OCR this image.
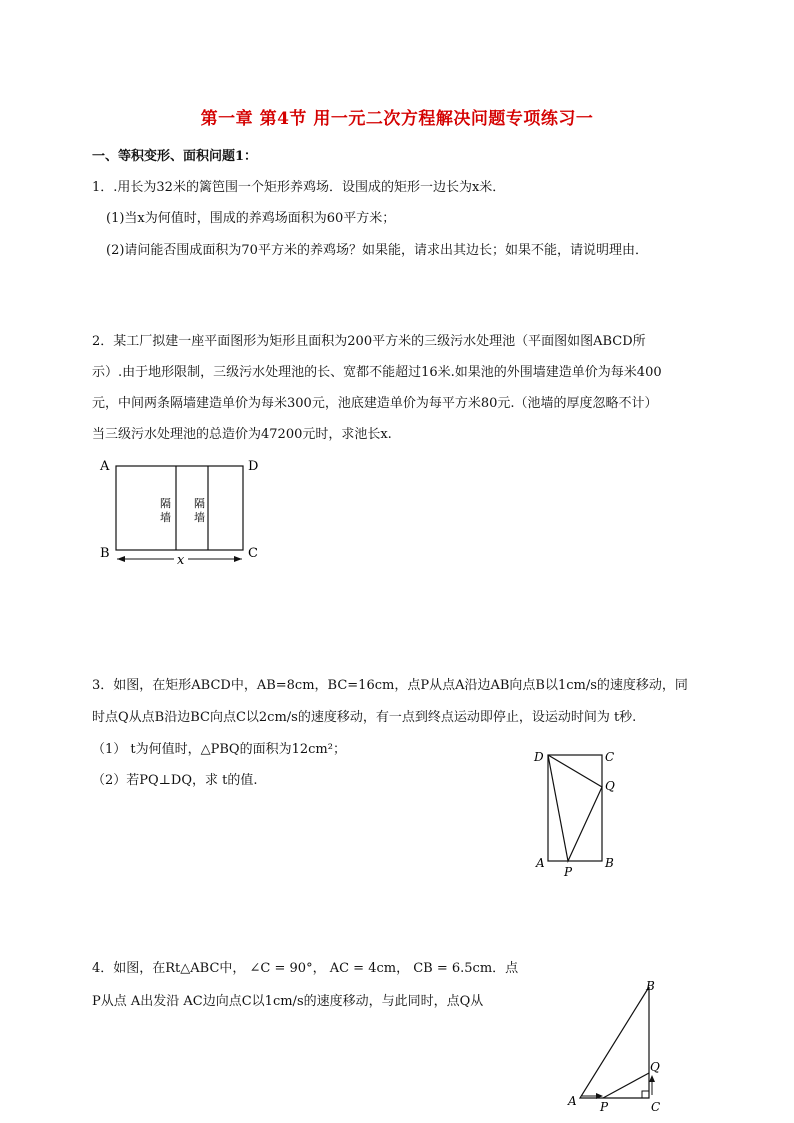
第一章 第4节 用一元二次方程解决问题专项练习一
一、等积变形、面积问题1：
1．.用长为32米的篱笆围一个矩形养鸡场．设围成的矩形一边长为x米．
(1)当x为何值时，围成的养鸡场面积为60平方米；
(2)请问能否围成面积为70平方米的养鸡场？如果能，请求出其边长；如果不能，请说明理由．
2．某工厂拟建一座平面图形为矩形且面积为200平方米的三级污水处理池（平面图如图ABCD所
示）.由于地形限制，三级污水处理池的长、宽都不能超过16米.如果池的外围墙建造单价为每米400
元，中间两条隔墙建造单价为每米300元，池底建造单价为每平方米80元.（池墙的厚度忽略不计）
当三级污水处理池的总造价为47200元时，求池长x.
A	D
B	C
隔
墙
隔
墙
x
3．如图，在矩形ABCD中，AB=8cm，BC=16cm，点P从点A沿边AB向点B以1cm/s的速度移动，同
时点Q从点B沿边BC向点C以2cm/s的速度移动，有一点到终点运动即停止，设运动时间为 t秒.
（1） t为何值时，△PBQ的面积为12cm²；
（2）若PQ⊥DQ，求 t的值.
D	C
Q
A	B
P
4．如图，在Rt△ABC中， ∠C = 90°， AC = 4cm， CB = 6.5cm．点
P从点 A出发沿 AC边向点C以1cm/s的速度移动，与此同时，点Q从
B
Q
A P	C
